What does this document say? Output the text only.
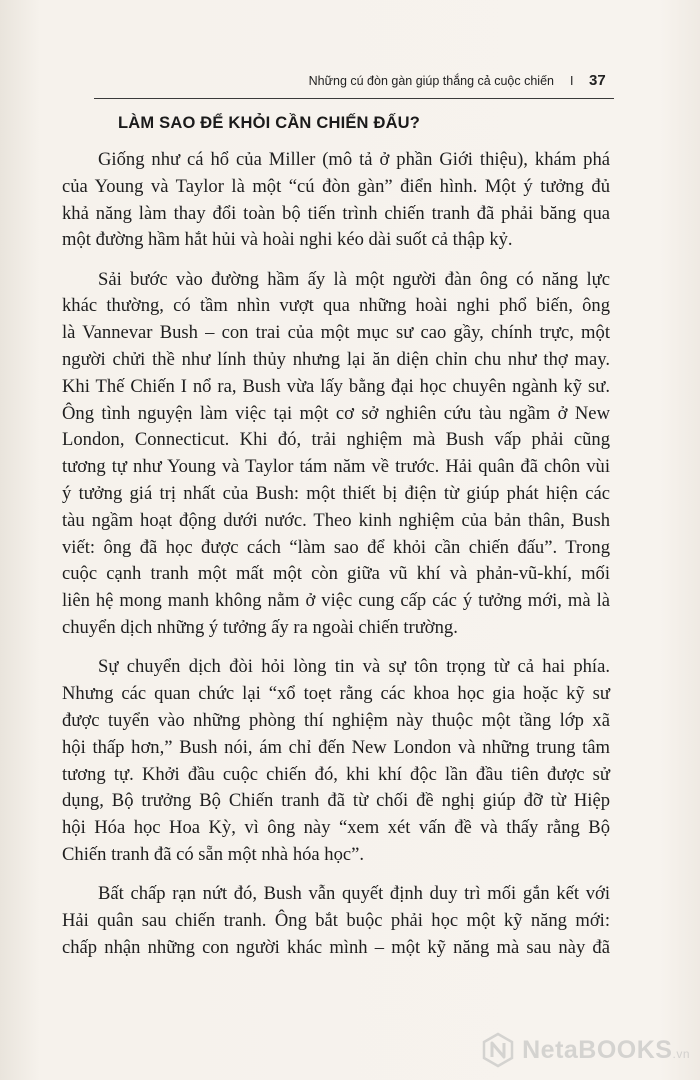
Những cú đòn gàn giúp thắng cả cuộc chiến I 37
LÀM SAO ĐỂ KHỎI CẦN CHIẾN ĐẤU?

Giống như cá hổ của Miller (mô tả ở phần Giới thiệu), khám phá
của Young và Taylor là một “cú đòn gàn” điển hình. Một ý tưởng đủ
khả năng làm thay đổi toàn bộ tiến trình chiến tranh đã phải băng qua
một đường hầm hắt hủi và hoài nghi kéo dài suốt cả thập kỷ.

Sải bước vào đường hầm ấy là một người đàn ông có năng lực
khác thường, có tầm nhìn vượt qua những hoài nghi phổ biến, ông
là Vannevar Bush – con trai của một mục sư cao gầy, chính trực, một
người chửi thề như lính thủy nhưng lại ăn diện chỉn chu như thợ may.
Khi Thế Chiến I nổ ra, Bush vừa lấy bằng đại học chuyên ngành kỹ sư.
Ông tình nguyện làm việc tại một cơ sở nghiên cứu tàu ngầm ở New
London, Connecticut. Khi đó, trải nghiệm mà Bush vấp phải cũng
tương tự như Young và Taylor tám năm về trước. Hải quân đã chôn vùi
ý tưởng giá trị nhất của Bush: một thiết bị điện từ giúp phát hiện các
tàu ngầm hoạt động dưới nước. Theo kinh nghiệm của bản thân, Bush
viết: ông đã học được cách “làm sao để khỏi cần chiến đấu”. Trong
cuộc cạnh tranh một mất một còn giữa vũ khí và phản-vũ-khí, mối
liên hệ mong manh không nằm ở việc cung cấp các ý tưởng mới, mà là
chuyển dịch những ý tưởng ấy ra ngoài chiến trường.

Sự chuyển dịch đòi hỏi lòng tin và sự tôn trọng từ cả hai phía.
Nhưng các quan chức lại “xổ toẹt rằng các khoa học gia hoặc kỹ sư
được tuyển vào những phòng thí nghiệm này thuộc một tầng lớp xã
hội thấp hơn,” Bush nói, ám chỉ đến New London và những trung tâm
tương tự. Khởi đầu cuộc chiến đó, khi khí độc lần đầu tiên được sử
dụng, Bộ trưởng Bộ Chiến tranh đã từ chối đề nghị giúp đỡ từ Hiệp
hội Hóa học Hoa Kỳ, vì ông này “xem xét vấn đề và thấy rằng Bộ
Chiến tranh đã có sẵn một nhà hóa học”.

Bất chấp rạn nứt đó, Bush vẫn quyết định duy trì mối gắn kết với
Hải quân sau chiến tranh. Ông bắt buộc phải học một kỹ năng mới:
chấp nhận những con người khác mình – một kỹ năng mà sau này đã

NetaBOOKS.vn
